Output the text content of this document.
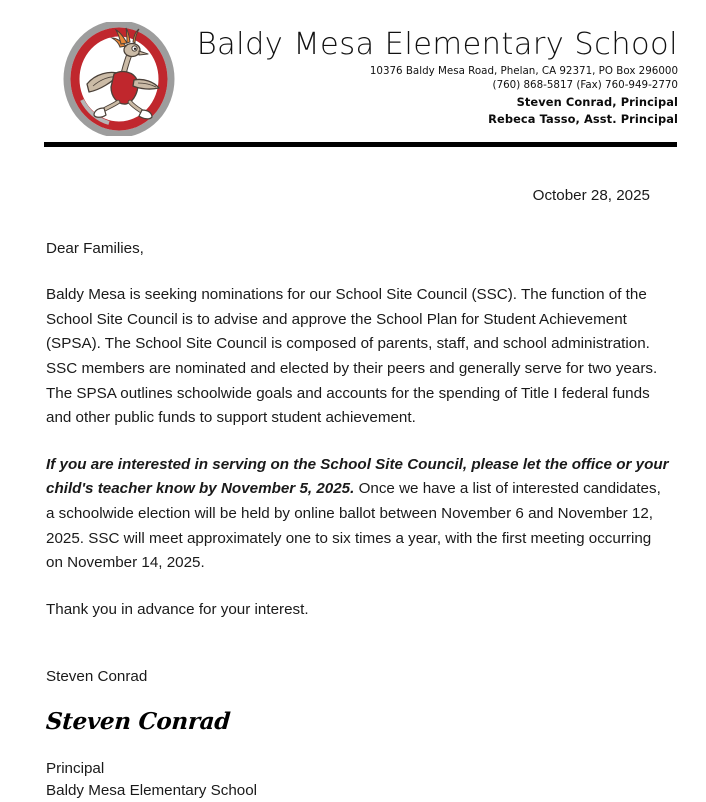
Baldy Mesa Elementary School
10376 Baldy Mesa Road, Phelan, CA 92371, PO Box 296000
(760) 868-5817 (Fax) 760-949-2770
Steven Conrad, Principal
Rebeca Tasso, Asst. Principal
October 28, 2025
Dear Families,
Baldy Mesa is seeking nominations for our School Site Council (SSC). The function of the School Site Council is to advise and approve the School Plan for Student Achievement (SPSA). The School Site Council is composed of parents, staff, and school administration. SSC members are nominated and elected by their peers and generally serve for two years. The SPSA outlines schoolwide goals and accounts for the spending of Title I federal funds and other public funds to support student achievement.
If you are interested in serving on the School Site Council, please let the office or your child's teacher know by November 5, 2025. Once we have a list of interested candidates, a schoolwide election will be held by online ballot between November 6 and November 12, 2025. SSC will meet approximately one to six times a year, with the first meeting occurring on November 14, 2025.
Thank you in advance for your interest.
Steven Conrad
Steven Conrad
Principal
Baldy Mesa Elementary School
